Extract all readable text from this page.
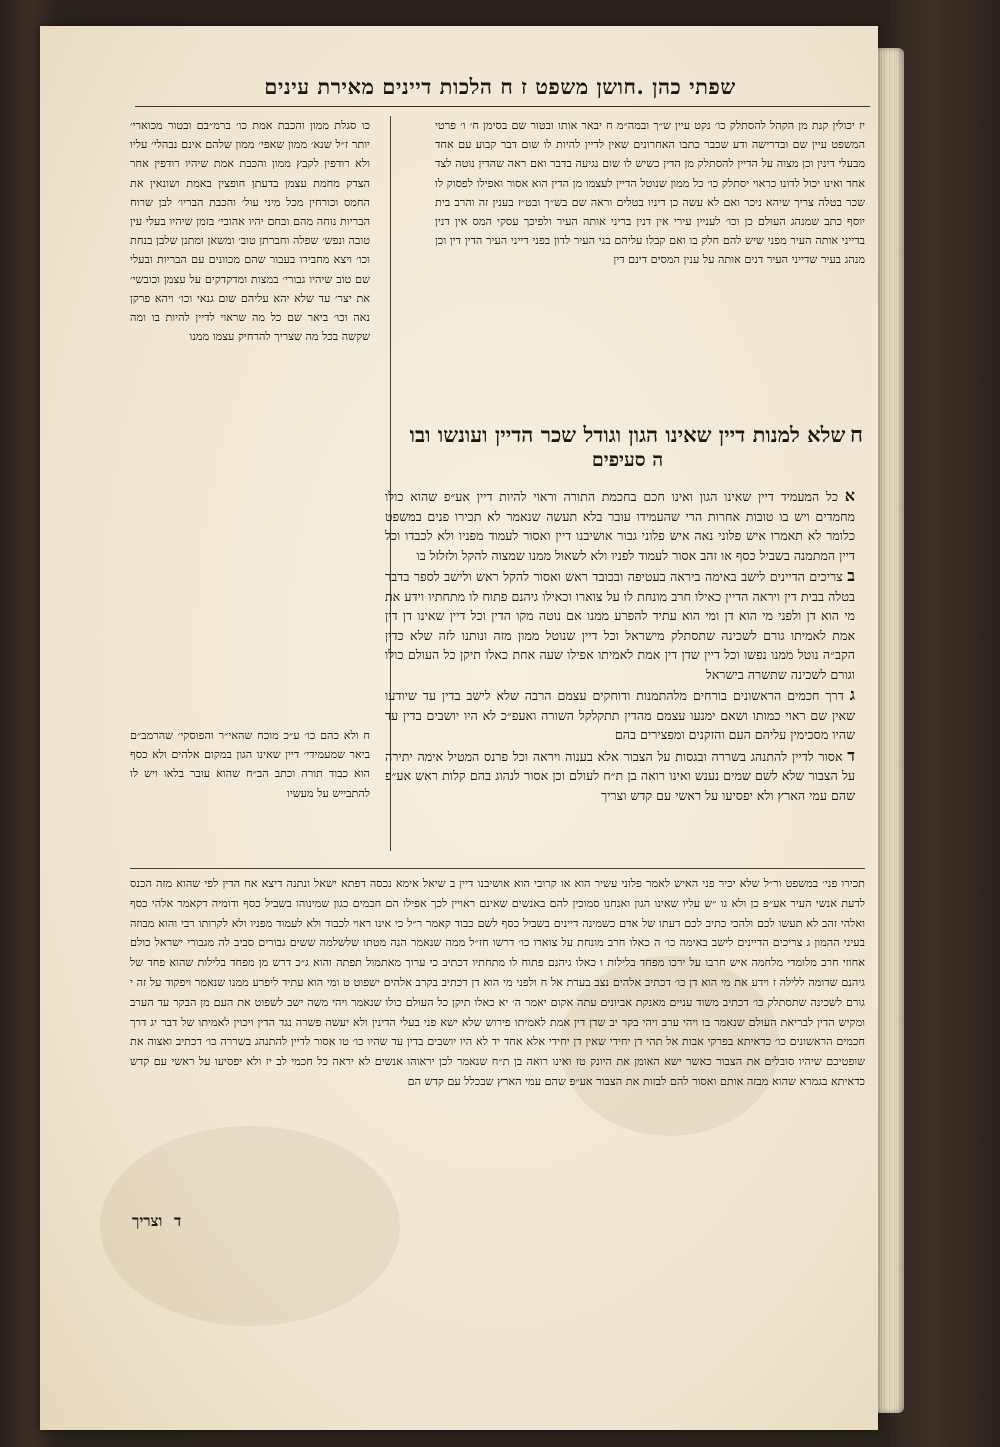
שפתי כהן .חושן משפט ז ח הלכות דיינים מאירת עינים

יז יכולין קנת מן הקהל להסתלק כו׳ נקט עיין ש״ך ובמה״מ ח יבאר אותו ובטור שם בסימן ח׳ ו׳ פרטי המשפט עיין שם ובדרישה ודע שכבר כתבו האחרונים שאין לדיין להיות לו שום דבר קבוע עם אחד מבעלי דינין וכן מצוה על הדיין להסתלק מן הדין כשיש לו שום נגיעה בדבר ואם ראה שהדין נוטה לצד אחד ואינו יכול לדונו כראוי יסתלק כו׳ כל ממון שנוטל הדיין לעצמו מן הדין הוא אסור ואפילו לפסוק לו שכר בטלה צריך שיהא ניכר ואם לא עשה כן דיניו בטלים וראה שם בש״ך ובט״ז בענין זה והרב בית יוסף כתב שמנהג העולם כן וכו׳ לעניין עירי אין דנין בריני אותה העיר ולפיכך עסקי המס אין דנין בדייני אותה העיר מפני שיש להם חלק בו ואם קבלו עליהם בני העיר לדון בפני דייני העיר הדין דין וכן מנהג בעיר שדייני העיר דנים אותה על ענין המסים דינם דין

כו סגלת ממון והכבת אמת כו׳ ברמ״בם ובטור מכוארי׳ יותר ז״ל שנא׳ ממון שאפי׳ ממון שלהם אינם נבהלי׳ עליו ולא רודפין לקבץ ממון והכבת אמת שיהיו רודפין אחר הצדק מחמת עצמן בדעתן חופצין באמת ושונאין את החמס וכורחין מכל מיני עול׳ והכבת הבריו׳ לבן שרוח הבריות נוחה מהם ובחם יהיו אהובי׳ בזמן שיהיו בעלי עין טובה ונפש׳ שפלה וחברתן טוב׳ ומשאן ומתנן שלבן בנחת וכו׳ ויצא מחבירו בעבור שהם מכוונים עם הבריות ובעלי שם טוב שיהיו גבורי׳ במצות ומדקדקים על עצמן וכובשי׳ את יצר׳ עד שלא יהא עליהם שום גנאי וכו׳ ויהא פרקן נאה וכו׳ ביאר שם כל מה שראוי לדיין להיות בו ומה שקשה בכל מה שצריך להרחיק עצמו ממנו

ח ולא כהם כו׳ ע״כ מוכח שהאי״ר והפוסקי׳ שהרמב״ם ביאר שמעמידי׳ דיין שאינו הגון במקום אלהים ולא כסף הוא כבוד תורה וכתב הב״ח שהוא עובר בלאו ויש לו להתבייש על מעשיו

ח
שלא למנות דיין שאינו הגון וגודל שכר הדיין ועונשו ובו
ה סעיפים

א כל המעמיד דיין שאינו הגון ואינו חכם בחכמת התורה וראוי להיות דיין אע״פ שהוא כולו מחמדים ויש בו טובות אחרות הרי שהעמידו עובר בלא תעשה שנאמר לא תכירו פנים במשפט כלומר לא תאמרו איש פלוני נאה איש פלוני גבור אושיבנו דיין ואסור לעמוד מפניו ולא לכבדו וכל דיין המתמנה בשביל כסף או זהב אסור לעמוד לפניו ולא לשאול ממנו שמצוה להקל ולזלזל בו

ב צריכים הדיינים לישב באימה ביראה בעטיפה ובכובד ראש ואסור להקל ראש ולישב לספר בדבר בטלה בבית דין ויראה הדיין כאילו חרב מונחת לו על צוארו וכאילו גיהנם פתוח לו מתחתיו וידע את מי הוא דן ולפני מי הוא דן ומי הוא עתיד להפרע ממנו אם נוטה מקו הדין וכל דיין שאינו דן דין אמת לאמיתו גורם לשכינה שתסתלק מישראל וכל דיין שנוטל ממון מזה ונותנו לזה שלא כדין הקב״ה נוטל ממנו נפשו וכל דיין שדן דין אמת לאמיתו אפילו שעה אחת כאלו תיקן כל העולם כולו וגורם לשכינה שתשרה בישראל

ג דרך חכמים הראשונים בורחים מלהתמנות ודוחקים עצמם הרבה שלא לישב בדין עד שיודעו שאין שם ראוי כמותו ושאם ימנעו עצמם מהדין תתקלקל השורה ואעפ״כ לא היו יושבים בדין עד שהיו מסכימין עליהם העם והזקנים ומפצירים בהם

ד אסור לדיין להתנהג בשררה ובגסות על הצבור אלא בענוה ויראה וכל פרנס המטיל אימה יתירה על הצבור שלא לשם שמים נענש ואינו רואה בן ת״ח לעולם וכן אסור לנהוג בהם קלות ראש אע״פ שהם עמי הארץ ולא יפסיעו על ראשי עם קדש וצריך

תכירו פני׳ במשפט ור״ל שלא יכיר פני האיש לאמר פלוני עשיר הוא או קרובי הוא אושיבנו דיין ב שיאל אימא נכסה דפתא ישאל ונתנה דיצא אח הדין לפי שהוא מזה הכנס לדעת אנשי העיר אע״פ כן ולא גו ״ש עליו שאינו הגון ואנחנו סמוכין להם באנשים שאינם ראויין לכך אפילו הם חכמים כגון שמינוהו בשביל כסף ודומיה דקאמר אלהי כסף ואלהי זהב לא תעשו לכם ולהכי כתיב לכם דעתו של אדם כשמינה דיינים בשביל כסף לשם כבוד קאמר ר״ל כי אינו ראוי לכבוד ולא לעמוד מפניו ולא לקרותו רבי והוא מבוזה בעיני ההמון ג צריכים הדיינים לישב באימה כו׳ ה כאלו חרב מונחת על צוארו כו׳ דרשו חז״ל ממה שנאמר הנה מטתו שלשלמה ששים גבורים סביב לה מגבורי ישראל כולם אחוזי חרב מלומדי מלחמה איש חרבו על ירכו מפחד בלילות ו כאלו גיהנם פתוח לו מתחתיו דכתיב כי ערוך מאתמול תפתה והוא ג״כ דרש מן מפחד בלילות שהוא פחד של גיהנם שדומה ללילה ז וידע את מי הוא דן כו׳ דכתיב אלהים נצב בעדת אל ח ולפני מי הוא דן דכתיב בקרב אלהים ישפוט ט ומי הוא עתיד ליפרע ממנו שנאמר ויפקוד על זה י גורם לשכינה שתסתלק כו׳ דכתיב משוד עניים מאנקת אביונים עתה אקום יאמר ה׳ יא כאלו תיקן כל העולם כולו שנאמר ויהי משה ישב לשפוט את העם מן הבקר עד הערב ומקיש הדין לבריאת העולם שנאמר בו ויהי ערב ויהי בקר יב שדן דין אמת לאמיתו פירוש שלא ישא פני בעלי הדינין ולא יעשה פשרה נגד הדין ויכוין לאמיתו של דבר יג דרך חכמים הראשונים כו׳ כדאיתא בפרקי אבות אל תהי דן יחידי שאין דן יחידי אלא אחד יד לא היו יושבים בדין עד שהיו כו׳ טו אסור לדיין להתנהג בשררה כו׳ דכתיב ואצוה את שופטיכם שיהיו סובלים את הצבור כאשר ישא האומן את היונק טז ואינו רואה בן ת״ח שנאמר לכן יראוהו אנשים לא יראה כל חכמי לב יז ולא יפסיעו על ראשי עם קדש כדאיתא בגמרא שהוא מבזה אותם ואסור להם לבזות את הצבור אע״פ שהם עמי הארץ שבכלל עם קדש הם

וצריך ד
